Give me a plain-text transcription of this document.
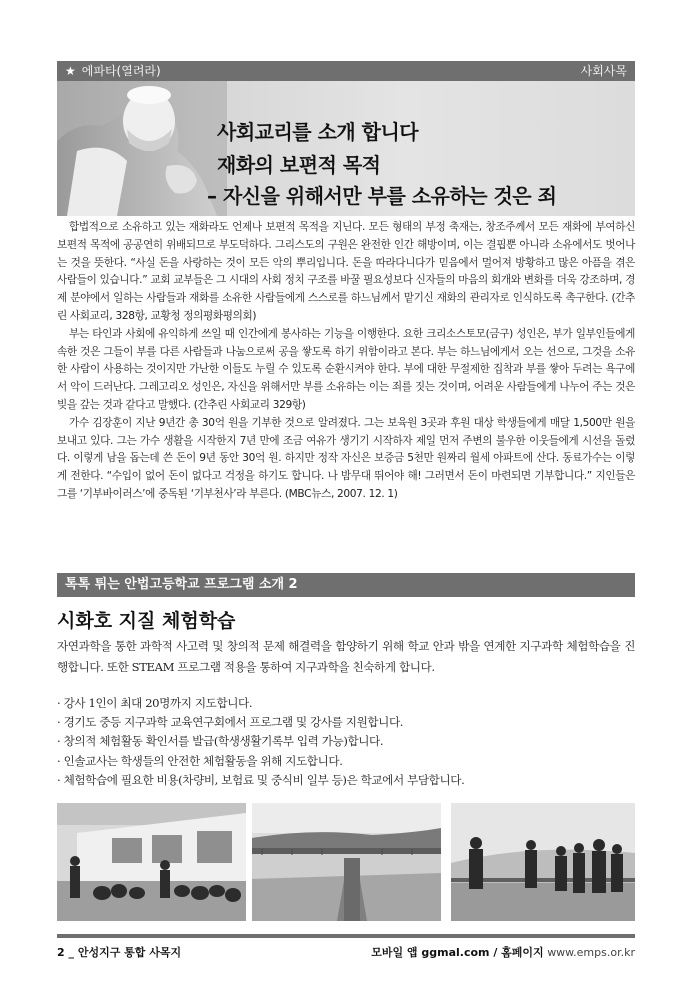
★ 에파타(열려라)	사회사목
사회교리를 소개 합니다
재화의 보편적 목적
– 자신을 위해서만 부를 소유하는 것은 죄

합법적으로 소유하고 있는 재화라도 언제나 보편적 목적을 지닌다. 모든 형태의 부정 축재는, 창조주께서 모든 재화에 부여하신 보편적 목적에 공공연히 위배되므로 부도덕하다. 그리스도의 구원은 완전한 인간 해방이며, 이는 결핍뿐 아니라 소유에서도 벗어나는 것을 뜻한다. “사실 돈을 사랑하는 것이 모든 악의 뿌리입니다. 돈을 따라다니다가 믿음에서 멀어져 방황하고 많은 아픔을 겪은 사람들이 있습니다.” 교회 교부들은 그 시대의 사회 정치 구조를 바꿀 필요성보다 신자들의 마음의 회개와 변화를 더욱 강조하며, 경제 분야에서 일하는 사람들과 재화를 소유한 사람들에게 스스로를 하느님께서 맡기신 재화의 관리자로 인식하도록 촉구한다. (간추린 사회교리, 328항, 교황청 정의평화평의회)

부는 타인과 사회에 유익하게 쓰일 때 인간에게 봉사하는 기능을 이행한다. 요한 크리소스토모(금구) 성인은, 부가 일부인들에게 속한 것은 그들이 부를 다른 사람들과 나눔으로써 공을 쌓도록 하기 위함이라고 본다. 부는 하느님에게서 오는 선으로, 그것을 소유한 사람이 사용하는 것이지만 가난한 이들도 누릴 수 있도록 순환시켜야 한다. 부에 대한 무절제한 집착과 부를 쌓아 두려는 욕구에서 악이 드러난다. 그레고리오 성인은, 자신을 위해서만 부를 소유하는 이는 죄를 짓는 것이며, 어려운 사람들에게 나누어 주는 것은 빚을 갚는 것과 같다고 말했다. (간추린 사회교리 329항)

가수 김장훈이 지난 9년간 총 30억 원을 기부한 것으로 알려졌다. 그는 보육원 3곳과 후원 대상 학생들에게 매달 1,500만 원을 보내고 있다. 그는 가수 생활을 시작한지 7년 만에 조금 여유가 생기기 시작하자 제일 먼저 주변의 불우한 이웃들에게 시선을 돌렸다. 이렇게 남을 돕는데 쓴 돈이 9년 동안 30억 원. 하지만 정작 자신은 보증금 5천만 원짜리 월세 아파트에 산다. 동료가수는 이렇게 전한다. “수입이 없어 돈이 없다고 걱정을 하기도 합니다. 나 밤무대 뛰어야 해! 그러면서 돈이 마련되면 기부합니다.” 지인들은 그를 ‘기부바이러스’에 중독된 ‘기부천사’라 부른다. (MBC뉴스, 2007. 12. 1)

톡톡 튀는 안법고등학교 프로그램 소개 2
시화호 지질 체험학습
자연과학을 통한 과학적 사고력 및 창의적 문제 해결력을 함양하기 위해 학교 안과 밖을 연계한 지구과학 체험학습을 진행합니다. 또한 STEAM 프로그램 적용을 통하여 지구과학을 친숙하게 합니다.
· 강사 1인이 최대 20명까지 지도합니다.
· 경기도 중등 지구과학 교육연구회에서 프로그램 및 강사를 지원합니다.
· 창의적 체험활동 확인서를 발급(학생생활기록부 입력 가능)합니다.
· 인솔교사는 학생들의 안전한 체험활동을 위해 지도합니다.
· 체험학습에 필요한 비용(차량비, 보험료 및 중식비 일부 등)은 학교에서 부담합니다.
2 _ 안성지구 통합 사목지	모바일 앱 ggmal.com / 홈페이지 www.emps.or.kr
